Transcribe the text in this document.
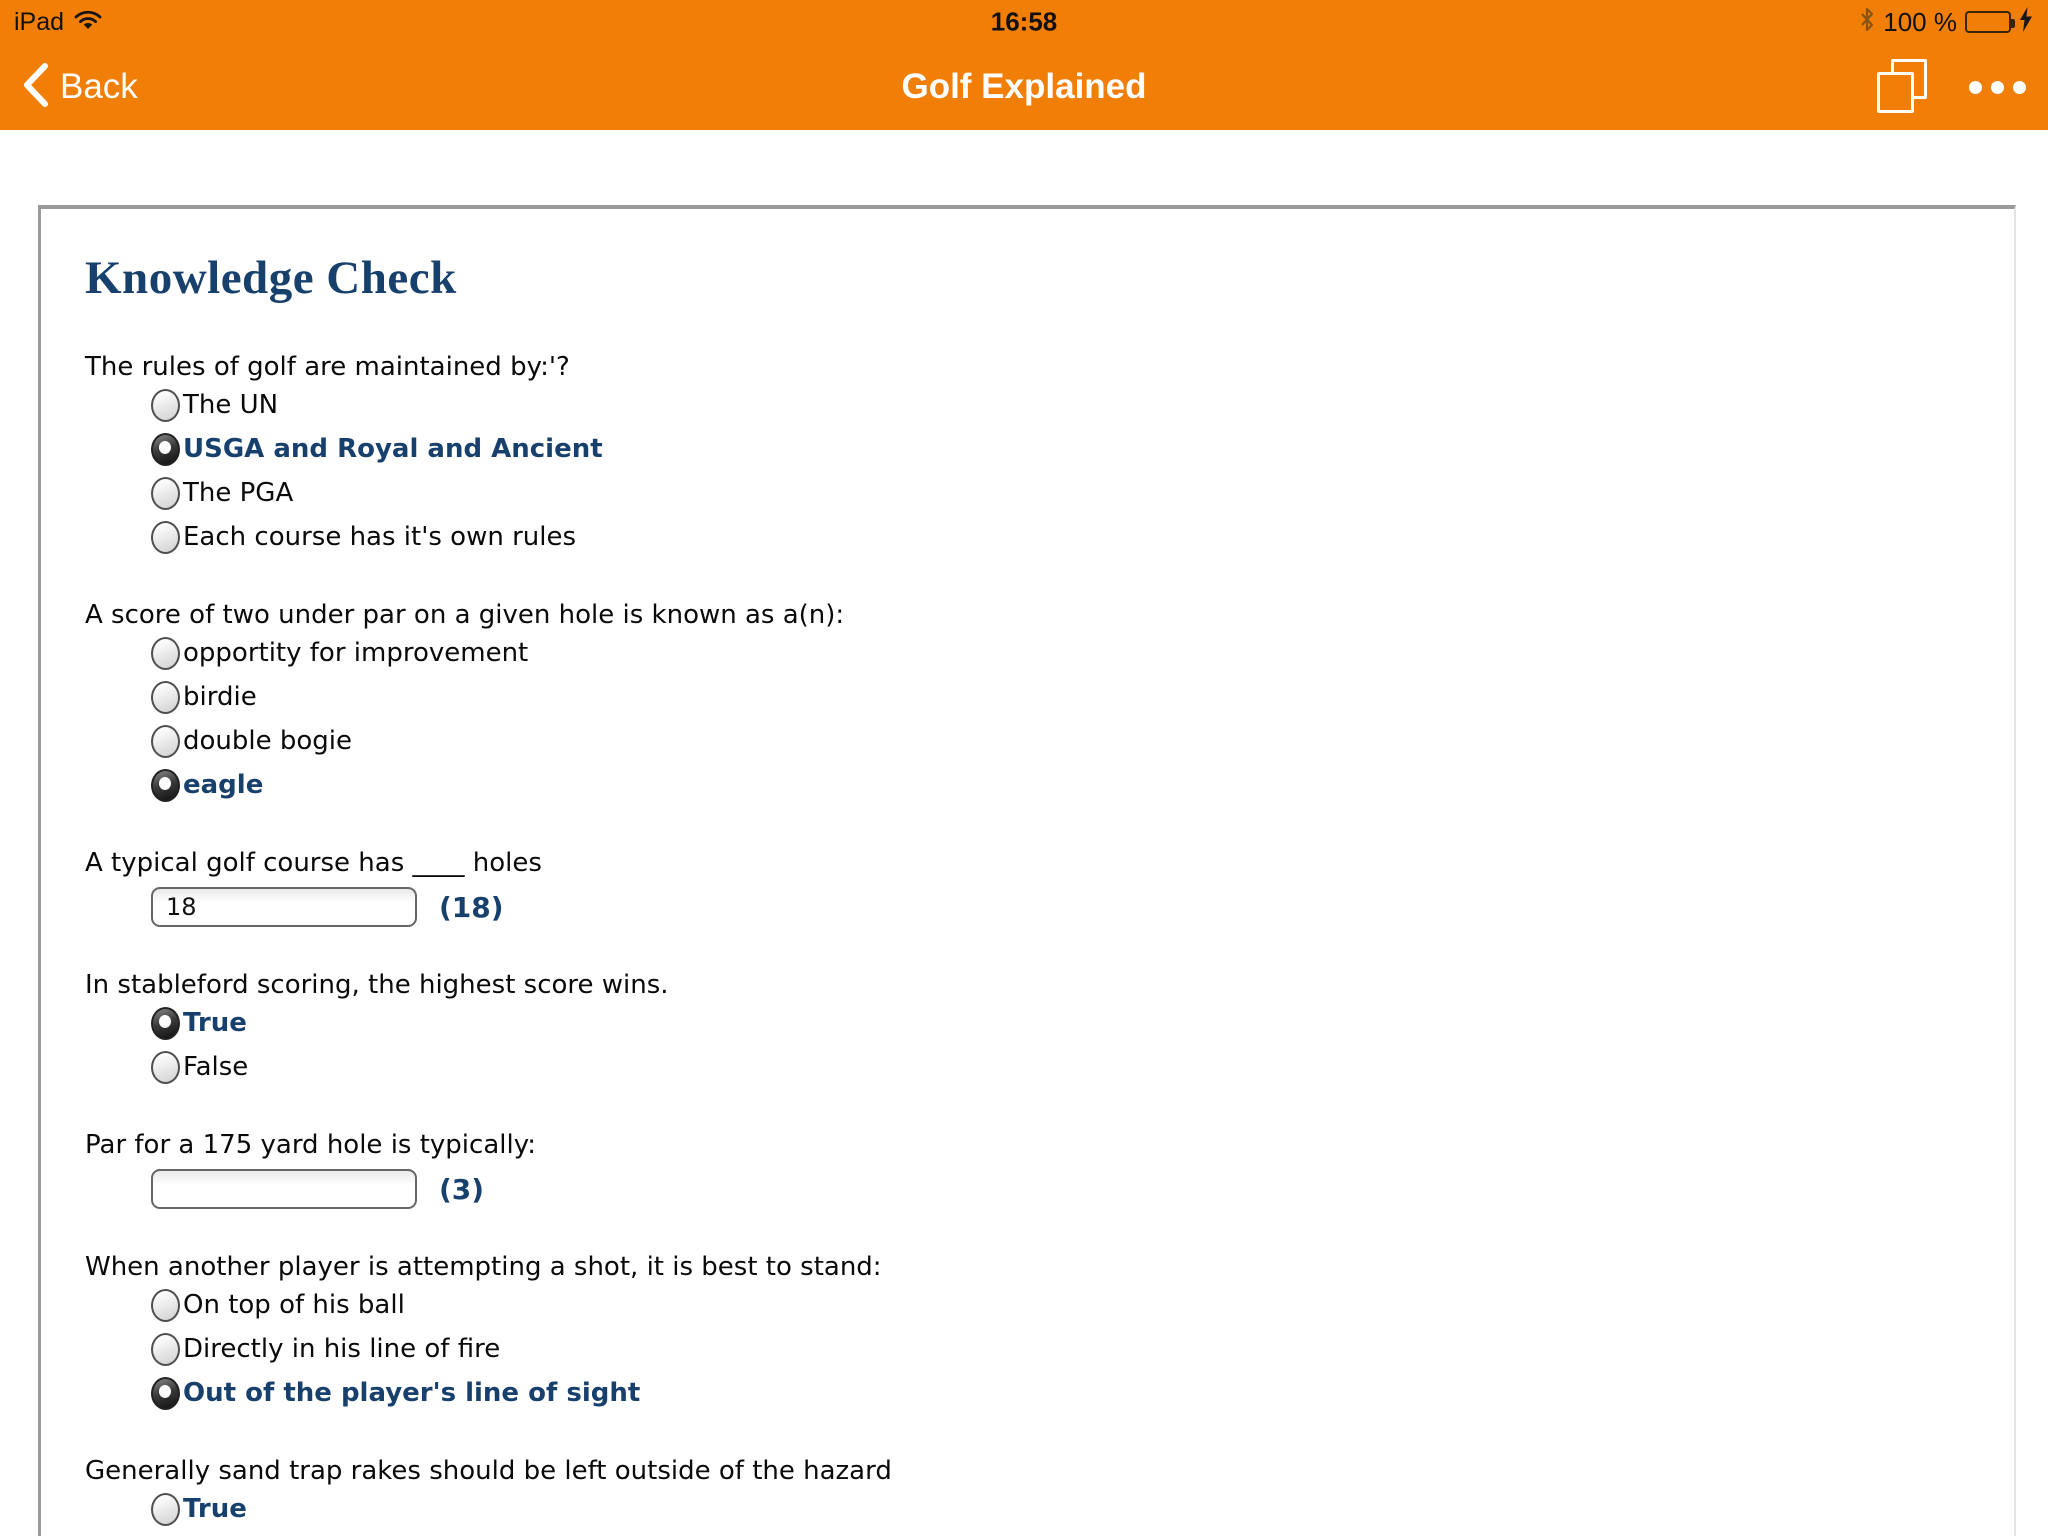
iPad	16:58	100 %
Back	Golf Explained
Knowledge Check
The rules of golf are maintained by:'?
The UN
USGA and Royal and Ancient
The PGA
Each course has it's own rules
A score of two under par on a given hole is known as a(n):
opportity for improvement
birdie
double bogie
eagle
A typical golf course has ____ holes
18
(18)
In stableford scoring, the highest score wins.
True
False
Par for a 175 yard hole is typically:
(3)
When another player is attempting a shot, it is best to stand:
On top of his ball
Directly in his line of fire
Out of the player's line of sight
Generally sand trap rakes should be left outside of the hazard
True
